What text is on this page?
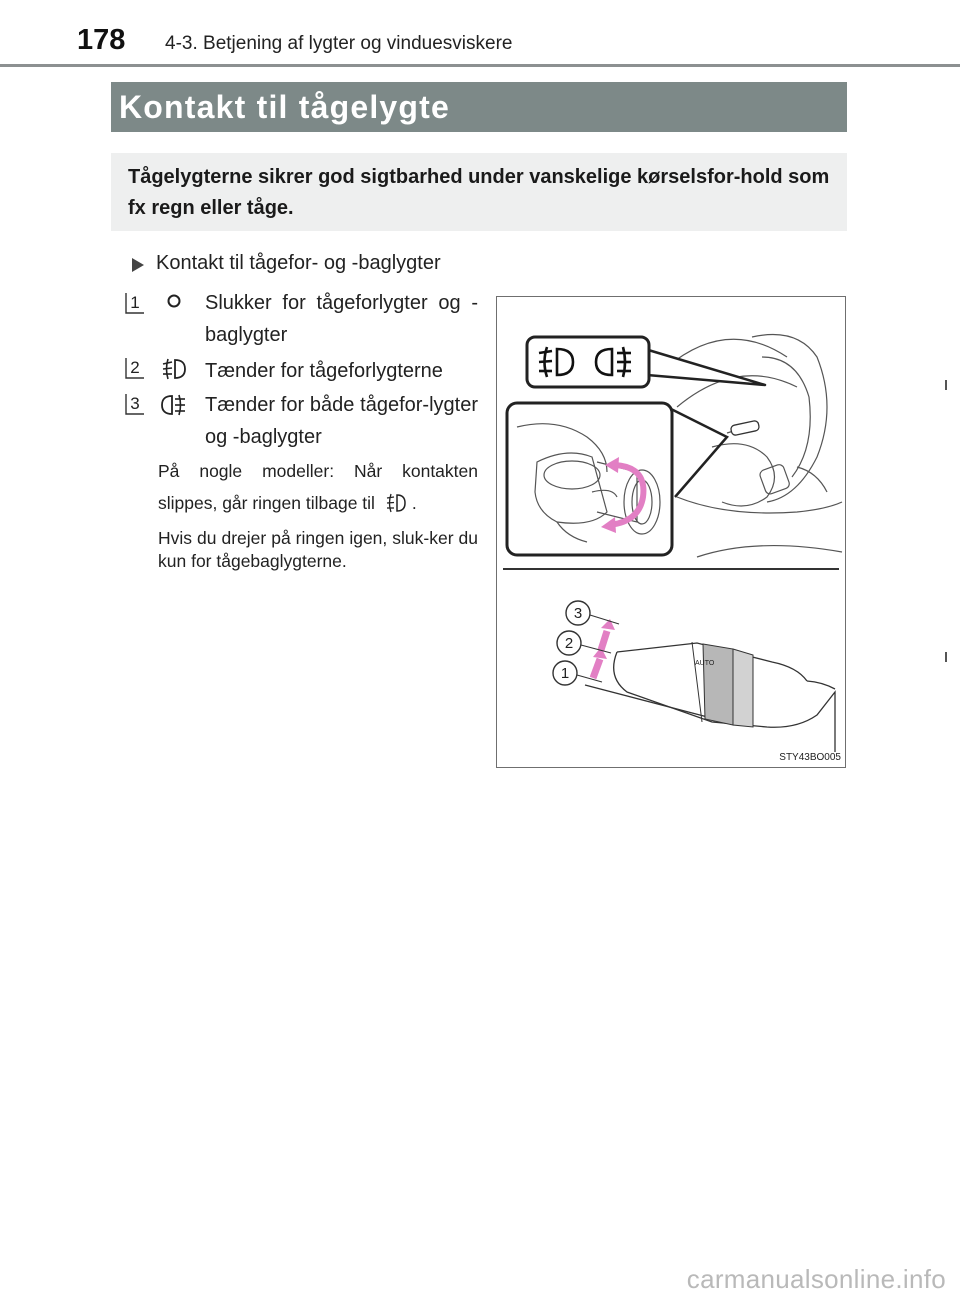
178 4-3. Betjening af lygter og vinduesviskere
Kontakt til tågelygte
Tågelygterne sikrer god sigtbarhed under vanskelige kørselsfor-hold som fx regn eller tåge.
Kontakt til tågefor- og -baglygter
1	Slukker for tågeforlygter og -baglygter
2	Tænder for tågeforlygterne
3	Tænder for både tågefor-lygter og -baglygter
På nogle modeller: Når kontakten slippes, går ringen tilbage til .
Hvis du drejer på ringen igen, sluk-ker du kun for tågebaglygterne.
AUTO
3
2
1
STY43BO005
carmanualsonline.info
